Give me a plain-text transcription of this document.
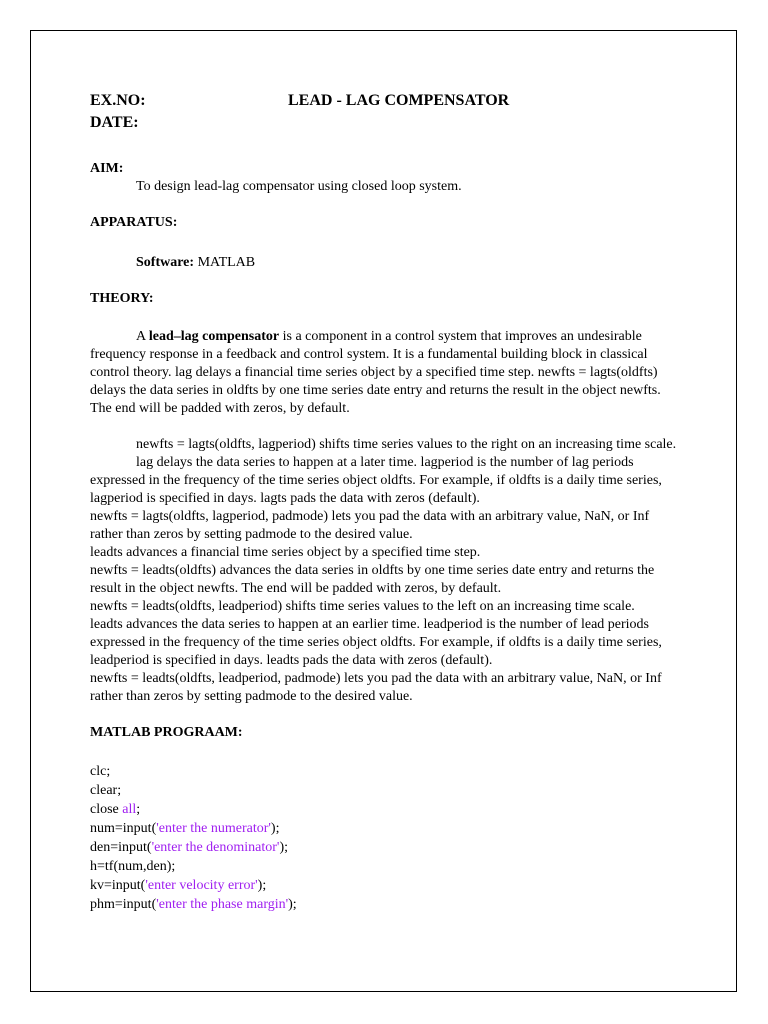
EX.NO:	LEAD - LAG COMPENSATOR
DATE:
AIM:

To design lead-lag compensator using closed loop system.

APPARATUS:

Software: MATLAB

THEORY:

A lead–lag compensator is a component in a control system that improves an undesirable frequency response in a feedback and control system. It is a fundamental building block in classical control theory. lag delays a financial time series object by a specified time step. newfts = lagts(oldfts) delays the data series in oldfts by one time series date entry and returns the result in the object newfts. The end will be padded with zeros, by default.

newfts = lagts(oldfts, lagperiod) shifts time series values to the right on an increasing time scale.

lag delays the data series to happen at a later time. lagperiod is the number of lag periods expressed in the frequency of the time series object oldfts. For example, if oldfts is a daily time series, lagperiod is specified in days. lagts pads the data with zeros (default).

newfts = lagts(oldfts, lagperiod, padmode) lets you pad the data with an arbitrary value, NaN, or Inf rather than zeros by setting padmode to the desired value.

leadts advances a financial time series object by a specified time step.

newfts = leadts(oldfts) advances the data series in oldfts by one time series date entry and returns the result in the object newfts. The end will be padded with zeros, by default.

newfts = leadts(oldfts, leadperiod) shifts time series values to the left on an increasing time scale.

leadts advances the data series to happen at an earlier time. leadperiod is the number of lead periods expressed in the frequency of the time series object oldfts. For example, if oldfts is a daily time series, leadperiod is specified in days. leadts pads the data with zeros (default).

newfts = leadts(oldfts, leadperiod, padmode) lets you pad the data with an arbitrary value, NaN, or Inf rather than zeros by setting padmode to the desired value.

MATLAB PROGRAAM:
clc;
clear;
close all;
num=input('enter the numerator');
den=input('enter the denominator');
h=tf(num,den);
kv=input('enter velocity error');
phm=input('enter the phase margin');
